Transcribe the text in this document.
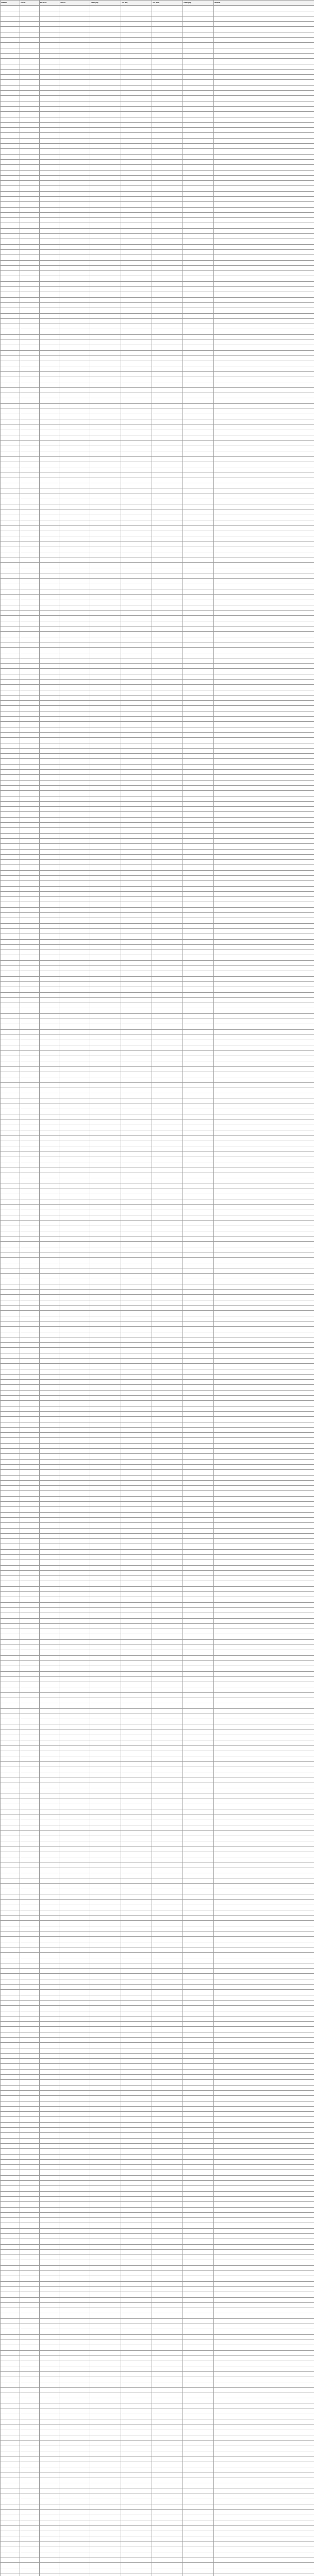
CODE NO	GRADE	NO PIECE	LENGTH	GIRTH (CM)	VOL (M3)	VOL (TON)	GIRTH (CM)	REMARK
